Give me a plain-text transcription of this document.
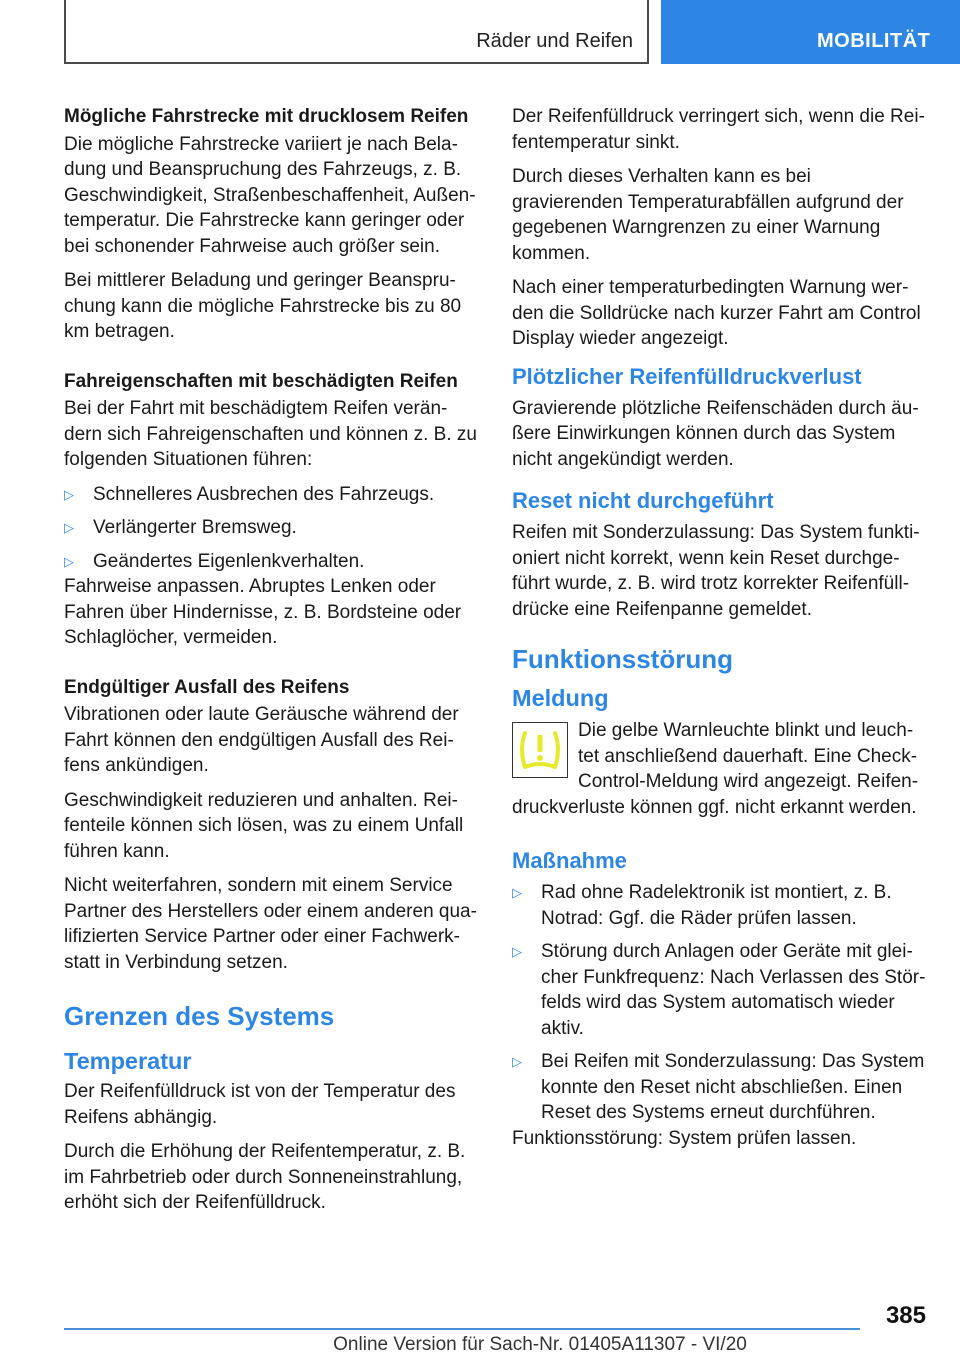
Räder und Reifen	MOBILITÄT
Mögliche Fahrstrecke mit drucklosem Reifen

Die mögliche Fahrstrecke variiert je nach Beladung und Beanspruchung des Fahrzeugs, z. B. Geschwindigkeit, Straßenbeschaffenheit, Außentemperatur. Die Fahrstrecke kann geringer oder bei schonender Fahrweise auch größer sein.

Bei mittlerer Beladung und geringer Beanspruchung kann die mögliche Fahrstrecke bis zu 80 km betragen.

Fahreigenschaften mit beschädigten Reifen

Bei der Fahrt mit beschädigtem Reifen verändern sich Fahreigenschaften und können z. B. zu folgenden Situationen führen:

▷ Schnelleres Ausbrechen des Fahrzeugs.
▷ Verlängerter Bremsweg.
▷ Geändertes Eigenlenkverhalten.

Fahrweise anpassen. Abruptes Lenken oder Fahren über Hindernisse, z. B. Bordsteine oder Schlaglöcher, vermeiden.

Endgültiger Ausfall des Reifens

Vibrationen oder laute Geräusche während der Fahrt können den endgültigen Ausfall des Reifens ankündigen.

Geschwindigkeit reduzieren und anhalten. Reifenteile können sich lösen, was zu einem Unfall führen kann.

Nicht weiterfahren, sondern mit einem Service Partner des Herstellers oder einem anderen qualifizierten Service Partner oder einer Fachwerkstatt in Verbindung setzen.

Grenzen des Systems
Temperatur

Der Reifenfülldruck ist von der Temperatur des Reifens abhängig.

Durch die Erhöhung der Reifentemperatur, z. B. im Fahrbetrieb oder durch Sonneneinstrahlung, erhöht sich der Reifenfülldruck.

Der Reifenfülldruck verringert sich, wenn die Reifentemperatur sinkt.

Durch dieses Verhalten kann es bei gravierenden Temperaturabfällen aufgrund der gegebenen Warngrenzen zu einer Warnung kommen.

Nach einer temperaturbedingten Warnung werden die Solldrücke nach kurzer Fahrt am Control Display wieder angezeigt.

Plötzlicher Reifenfülldruckverlust

Gravierende plötzliche Reifenschäden durch äußere Einwirkungen können durch das System nicht angekündigt werden.

Reset nicht durchgeführt

Reifen mit Sonderzulassung: Das System funktioniert nicht korrekt, wenn kein Reset durchgeführt wurde, z. B. wird trotz korrekter Reifenfülldrücke eine Reifenpanne gemeldet.

Funktionsstörung
Meldung

Die gelbe Warnleuchte blinkt und leuchtet anschließend dauerhaft. Eine Check-Control-Meldung wird angezeigt. Reifendruckverluste können ggf. nicht erkannt werden.

Maßnahme
▷ Rad ohne Radelektronik ist montiert, z. B. Notrad: Ggf. die Räder prüfen lassen.
▷ Störung durch Anlagen oder Geräte mit gleicher Funkfrequenz: Nach Verlassen des Störfelds wird das System automatisch wieder aktiv.
▷ Bei Reifen mit Sonderzulassung: Das System konnte den Reset nicht abschließen. Einen Reset des Systems erneut durchführen.

Funktionsstörung: System prüfen lassen.

385
Online Version für Sach-Nr. 01405A11307 - VI/20
